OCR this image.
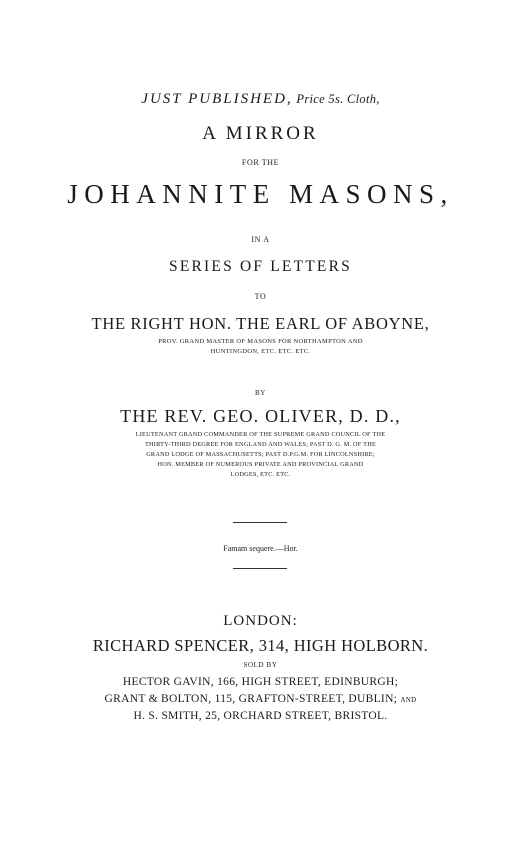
JUST PUBLISHED, Price 5s. Cloth,
A MIRROR
FOR THE
JOHANNITE MASONS,
IN A
SERIES OF LETTERS
TO
THE RIGHT HON. THE EARL OF ABOYNE,
PROV. GRAND MASTER OF MASONS FOR NORTHAMPTON AND
HUNTINGDON, ETC. ETC. ETC.
BY
THE REV. GEO. OLIVER, D. D.,
LIEUTENANT GRAND COMMANDER OF THE SUPREME GRAND COUNCIL OF THE
THIRTY-THIRD DEGREE FOR ENGLAND AND WALES; PAST D. G. M. OF THE
GRAND LODGE OF MASSACHUSETTS; PAST D.P.G.M. FOR LINCOLNSHIRE;
HON. MEMBER OF NUMEROUS PRIVATE AND PROVINCIAL GRAND
LODGES, ETC. ETC.
Famam sequere.—Hor.
LONDON:
RICHARD SPENCER, 314, HIGH HOLBORN.
SOLD BY
HECTOR GAVIN, 166, HIGH STREET, EDINBURGH;
GRANT & BOLTON, 115, GRAFTON-STREET, DUBLIN; AND
H. S. SMITH, 25, ORCHARD STREET, BRISTOL.
